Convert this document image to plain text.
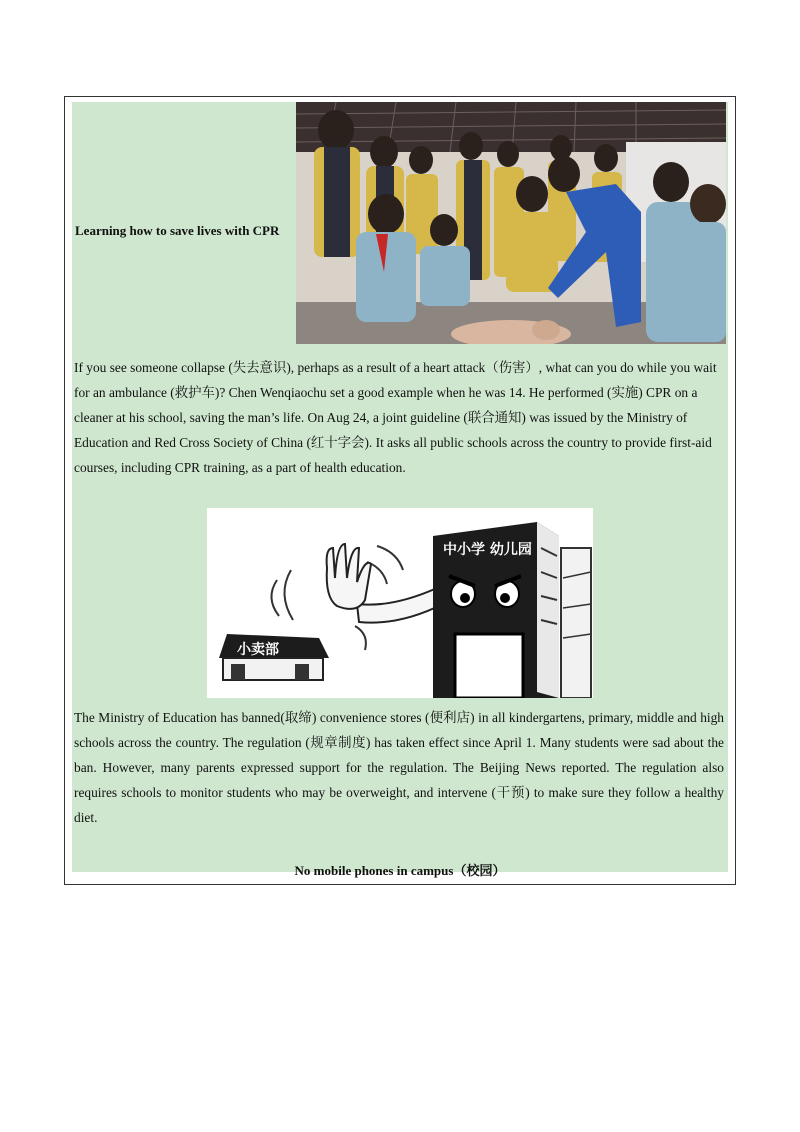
Learning how to save lives with CPR

If you see someone collapse (失去意识), perhaps as a result of a heart attack（伤害）, what can you do while you wait for an ambulance (救护车)? Chen Wenqiaochu set a good example when he was 14. He performed (实施) CPR on a cleaner at his school, saving the man’s life. On Aug 24, a joint guideline (联合通知) was issued by the Ministry of Education and Red Cross Society of China (红十字会). It asks all public schools across the country to provide first-aid courses, including CPR training, as a part of health education.

中小学 幼儿园
小卖部

The Ministry of Education has banned(取缔) convenience stores (便利店) in all kindergartens, primary, middle and high schools across the country. The regulation (规章制度) has taken effect since April 1. Many students were sad about the ban. However, many parents expressed support for the regulation. The Beijing News reported. The regulation also requires schools to monitor students who may be overweight, and intervene (干预) to make sure they follow a healthy diet.

No mobile phones in campus（校园）
